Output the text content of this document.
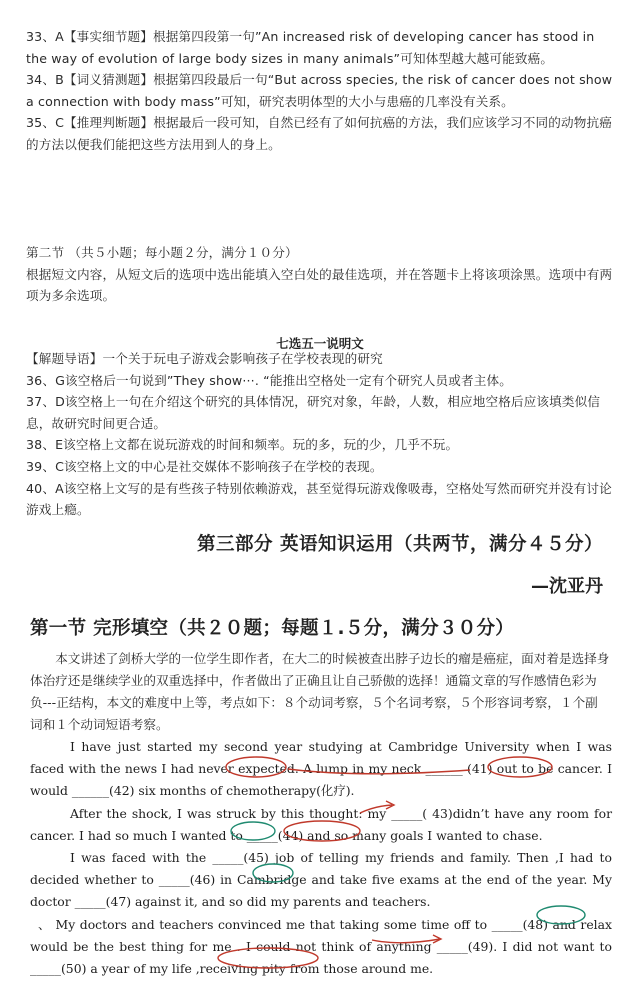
33、A【事实细节题】根据第四段第一句”An increased risk of developing cancer has stood in the way of evolution of large body sizes in many animals”可知体型越大越可能致癌。

34、B【词义猜测题】根据第四段最后一句“But across species, the risk of cancer does not show a connection with body mass”可知，研究表明体型的大小与患癌的几率没有关系。

35、C【推理判断题】根据最后一段可知，自然已经有了如何抗癌的方法，我们应该学习不同的动物抗癌的方法以便我们能把这些方法用到人的身上。

第二节 （共５小题；每小题２分，满分１０分）

根据短文内容，从短文后的选项中选出能填入空白处的最佳选项，并在答题卡上将该项涂黑。选项中有两项为多余选项。

七选五一说明文

【解题导语】一个关于玩电子游戏会影响孩子在学校表现的研究

36、G该空格后一句说到”They show···. “能推出空格处一定有个研究人员或者主体。

37、D该空格上一句在介绍这个研究的具体情况，研究对象，年龄，人数，相应地空格后应该填类似信息，故研究时间更合适。

38、E该空格上文都在说玩游戏的时间和频率。玩的多，玩的少，几乎不玩。

39、C该空格上文的中心是社交媒体不影响孩子在学校的表现。

40、A该空格上文写的是有些孩子特别依赖游戏，甚至觉得玩游戏像吸毒，空格处写然而研究并没有讨论游戏上瘾。

第三部分 英语知识运用（共两节，满分４５分）
—沈亚丹
第一节 完形填空（共２０题；每题１.５分，满分３０分）
本文讲述了剑桥大学的一位学生即作者，在大二的时候被查出脖子边长的瘤是癌症，面对着是选择身体治疗还是继续学业的双重选择中，作者做出了正确且让自己骄傲的选择！通篇文章的写作感情色彩为负---正结构，本文的难度中上等，考点如下：８个动词考察，５个名词考察，５个形容词考察，１个副词和１个动词短语考察。

I have just started my second year studying at Cambridge University when I was faced with the news I had never expected. A lump in my neck ______ (41) out to be cancer. I would ______(42) six months of chemotherapy(化疗).

After the shock, I was struck by this thought: my _____( 43)didn’t have any room for cancer. I had so much I wanted to _____(44) and so many goals I wanted to chase.

I was faced with the _____(45) job of telling my friends and family. Then ,I had to decided whether to _____(46) in Cambridge and take five exams at the end of the year. My doctor _____(47) against it, and so did my parents and teachers.

、 My doctors and teachers convinced me that taking some time off to _____(48) and relax would be the best thing for me . I could not think of anything _____(49). I did not want to _____(50) a year of my life ,receiving pity from those around me.
